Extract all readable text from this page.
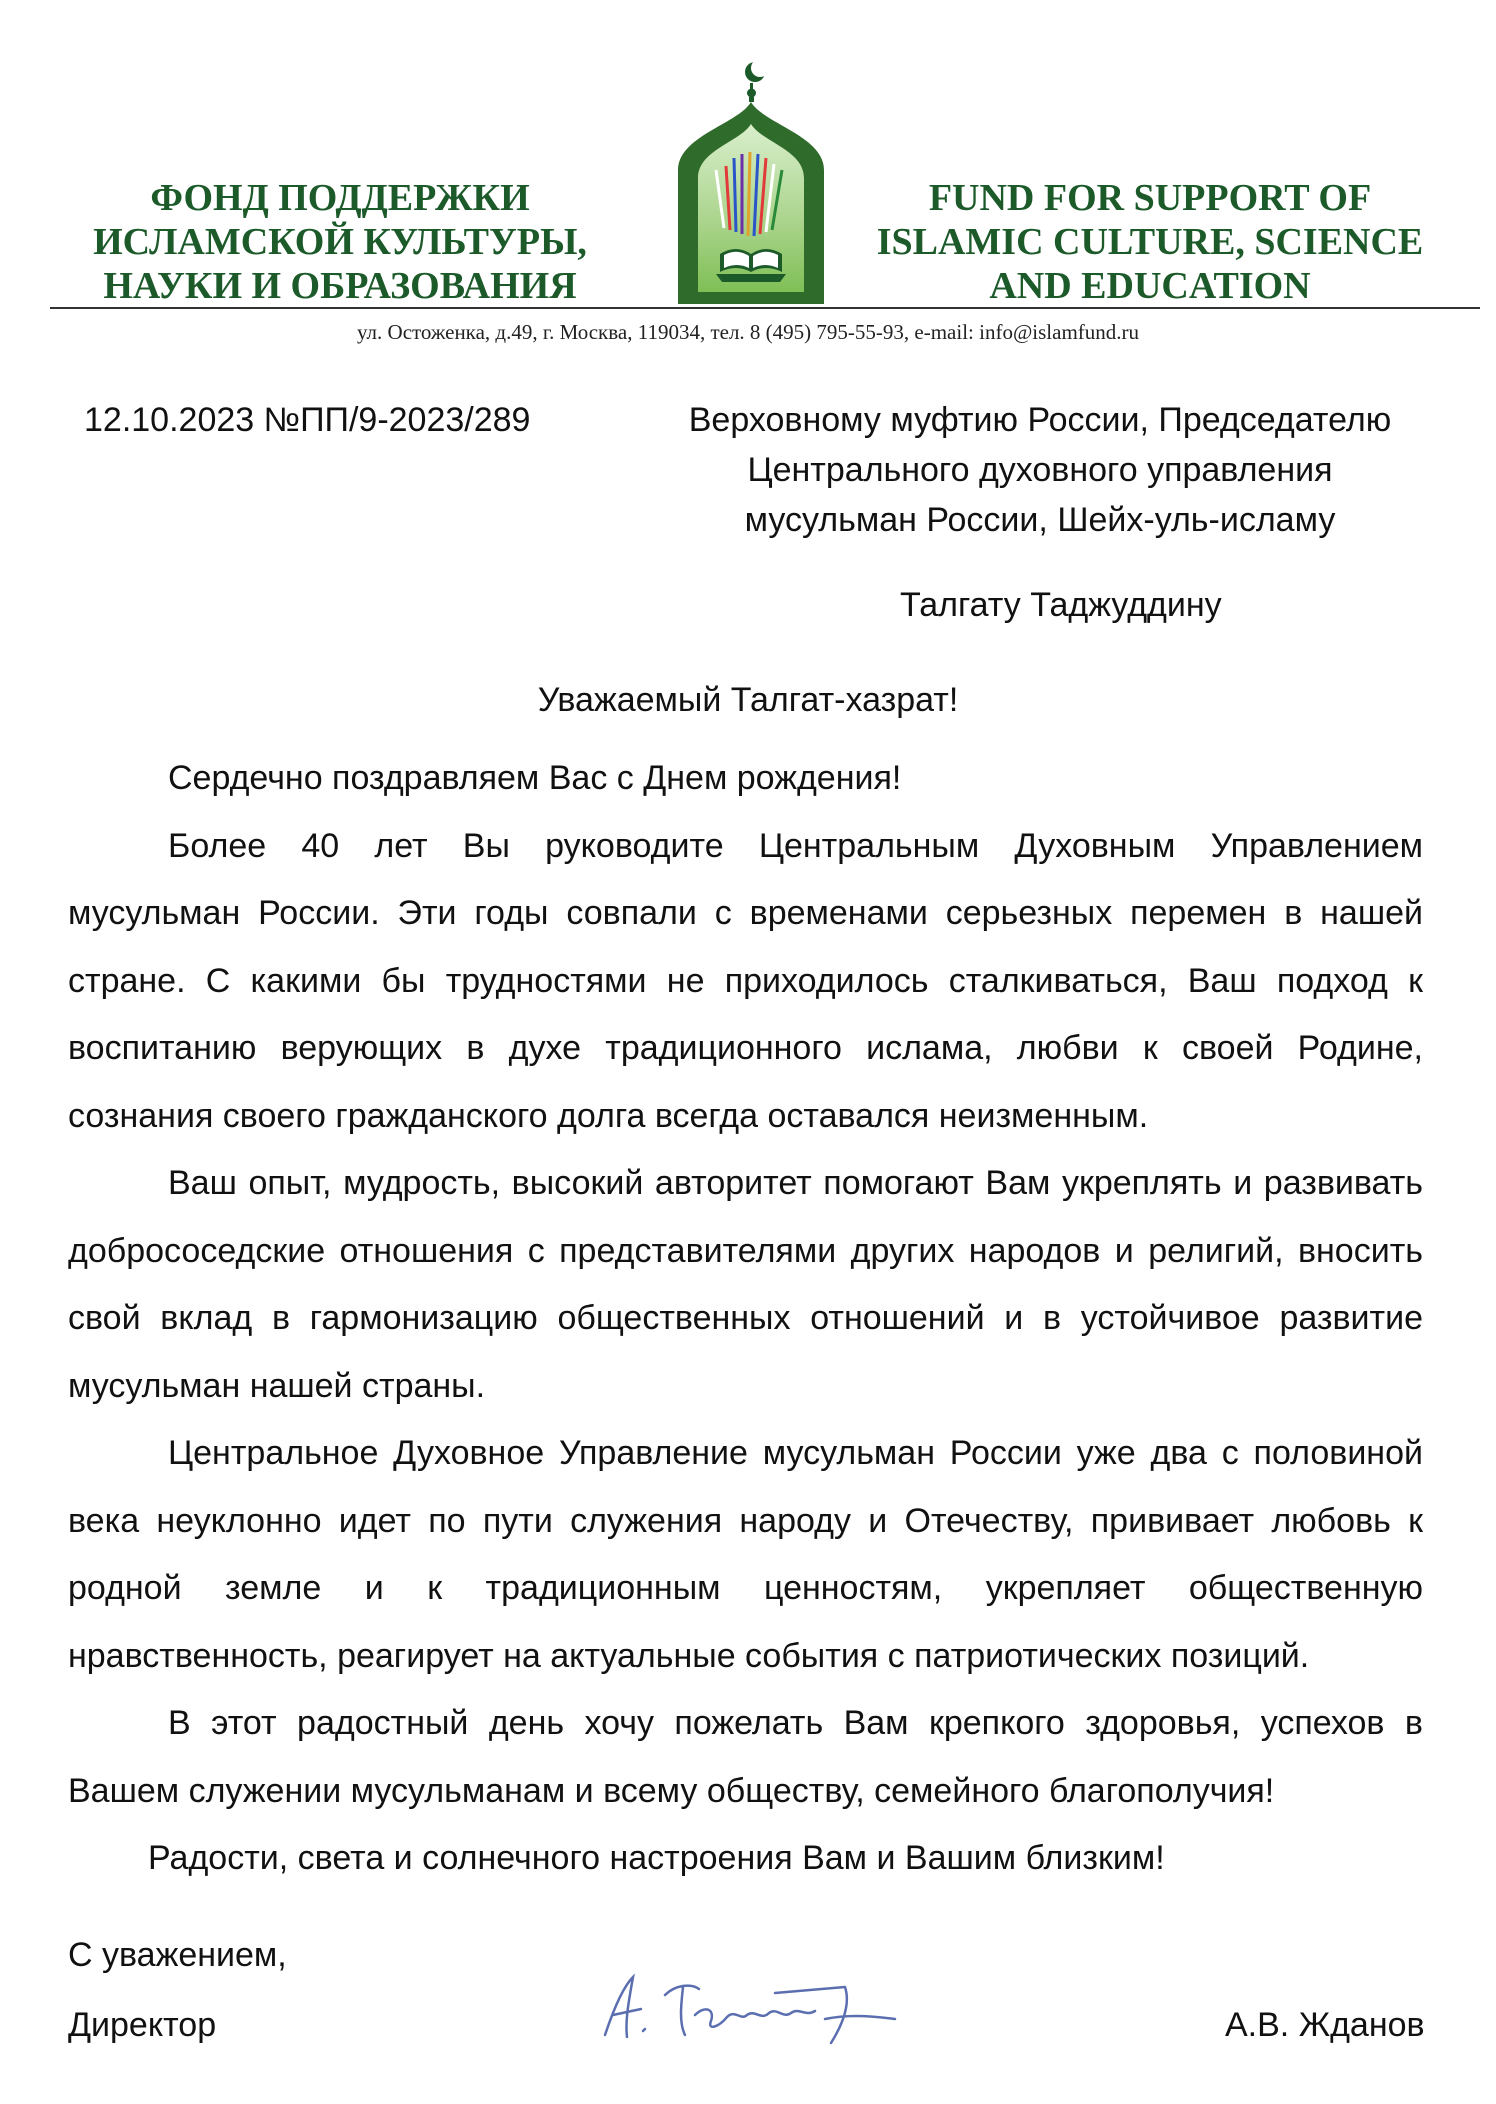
ФОНД ПОДДЕРЖКИ
ИСЛАМСКОЙ КУЛЬТУРЫ,
НАУКИ И ОБРАЗОВАНИЯ
FUND FOR SUPPORT OF
ISLAMIC CULTURE, SCIENCE
AND EDUCATION
ул. Остоженка, д.49, г. Москва, 119034, тел. 8 (495) 795-55-93, e-mail: info@islamfund.ru
12.10.2023 №ПП/9-2023/289	Верховному муфтию России, Председателю
Центрального духовного управления
мусульман России, Шейх-уль-исламу
Талгату Таджуддину
Уважаемый Талгат-хазрат!

Сердечно поздравляем Вас с Днем рождения!

Более 40 лет Вы руководите Центральным Духовным Управлением мусульман России. Эти годы совпали с временами серьезных перемен в нашей стране. С какими бы трудностями не приходилось сталкиваться, Ваш подход к воспитанию верующих в духе традиционного ислама, любви к своей Родине, сознания своего гражданского долга всегда оставался неизменным.

Ваш опыт, мудрость, высокий авторитет помогают Вам укреплять и развивать добрососедские отношения с представителями других народов и религий, вносить свой вклад в гармонизацию общественных отношений и в устойчивое развитие мусульман нашей страны.

Центральное Духовное Управление мусульман России уже два с половиной века неуклонно идет по пути служения народу и Отечеству, прививает любовь к родной земле и к традиционным ценностям, укрепляет общественную нравственность, реагирует на актуальные события с патриотических позиций.

В этот радостный день хочу пожелать Вам крепкого здоровья, успехов в Вашем служении мусульманам и всему обществу, семейного благополучия!

Радости, света и солнечного настроения Вам и Вашим близким!

С уважением,
Директор	А.В. Жданов
